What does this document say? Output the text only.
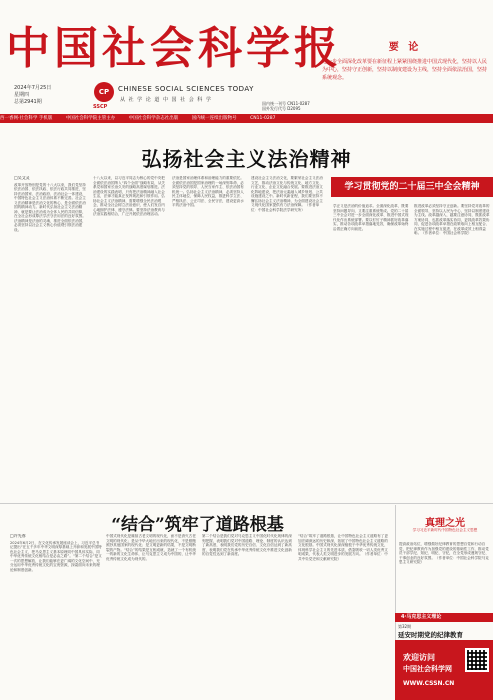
中国社会科学报
2024年7月25日
星期四
总第2941期
CP
SSCP
CHINESE SOCIAL SCIENCES TODAY
从 社 学 论 道 中 国 社 会 科 学
国内统一刊号 CN11-0287
国外发行代号 D2095
要 论
进一步全面深化改革要在新征程上紧紧围绕推进中国式现代化，坚持以人民为中心，坚持守正创新，坚持以制度建设为主线，坚持全面依法治国，坚持系统观念。
西一香网·社会科学 手机版	中国社会科学院主管主办	中国社会科学杂志社出版	国内统一连续出版物号	CN11-0287
弘扬社会主义法治精神
□吴文灵
改革开放特别是党的十八大以来，我们党坚持依法治国、依法执政、依法行政共同推进，坚持法治国家、法治政府、法治社会一体建设，中国特色社会主义法治体系不断完善。社会主义法治精神是法治文化的核心，是全面依法治国的精神动力。新时代弘扬社会主义法治精神，就是要让法治成为全体人民的共同信仰，在全社会形成尊法学法守法用法的良好氛围。法治精神是法治的灵魂，推进全面依法治国，必须坚持以社会主义核心价值观引领法治建设。
十八大以来，以习近平同志为核心的党中央把全面依法治国纳入“四个全面”战略布局，从关系党和国家长治久安的战略高度谋划推进。法治建设的实践表明，只有把法治精神融入社会生活，法律才能真正发挥规范和引领作用。弘扬社会主义法治精神，需要增强全民法治观念，推动全社会树立法治意识，使人们发自内心地拥护法律、遵守法律。要坚持法治教育与法治实践相结合，广泛开展依法治理活动。
法治是国家治理体系和治理能力的重要依托。全面依法治国是国家治理的一场深刻革命，必须坚持党的领导、人民当家作主、依法治国有机统一。弘扬社会主义法治精神，必须坚持人民主体地位，保障人民权益，推进科学立法、严格执法、公正司法、全民守法，建设更高水平的法治中国。
建设社会主义法治文化，要繁荣社会主义法治文艺，推动法治文化与传统文化、地方文化、行业文化、企业文化融合发展。要推进法治文化阵地建设，把法治元素融入城乡规划、公共设施建设之中。新时代新征程，我们要坚持不懈弘扬社会主义法治精神，为全面建设社会主义现代化国家提供有力法治保障。（作者单位：中国社会科学院法学研究所）
学习贯彻党的二十届三中全会精神
学正义是法治的价值追求。全面深化改革，既要坚持问题导向，又要注重系统集成。党的二十届三中全会对进一步全面深化改革、推进中国式现代化作出系统部署。要以钉钉子精神抓好改革落实，推动各项改革举措落地见效，确保改革始终沿着正确方向前进。
推进改革必须坚持守正创新。要坚持党对改革的全面领导，坚持以人民为中心，坚持以制度建设为主线。改革越深入，越要注意协同，既抓改革方案协同，也抓改革落实协同，更抓改革效果协同，促进各项改革举措在政策取向上相互配合、在实施过程中相互促进、在改革成效上相得益彰。（作者单位：中国社会科学院）
“结合”筑牢了道路根基
□许先春
2024年6月2日，在文化传承发展座谈会上，习近平总书记提出“在五千多年中华文明深厚基础上开辟和发展中国特色社会主义，把马克思主义基本原理同中国具体实际、同中华优秀传统文化相结合是必由之路”。“第二个结合”是又一次的思想解放，让我们能够在更广阔的文化空间中，充分运用中华优秀传统文化的宝贵资源，探索面向未来的理论和制度创新。
中国式现代化是赓续古老文明的现代化，而不是消灭古老文明的现代化；是从中华大地长出来的现代化，不是照搬照抄其他国家的现代化；是文明更新的结果，不是文明断裂的产物。“结合”的结果是互相成就，造就了一个有机统一的新的文化生命体，让马克思主义成为中国的，让中华优秀传统文化成为现代的。
第二个结合是我们党对马克思主义中国化时代化规律的深刻把握，表明我们党对中国道路、理论、制度的认识达到了新高度，表明我们党的历史自信、文化自信达到了新高度，表明我们党在传承中华优秀传统文化中推进文化创新的自觉性达到了新高度。
“结合”筑牢了道路根基，让中国特色社会主义道路有了更加宏阔深远的历史纵深，拓展了中国特色社会主义道路的文化根基。中国式现代化深深植根于中华优秀传统文化，体现科学社会主义的先进本质，借鉴吸收一切人类优秀文明成果，代表人类文明进步的发展方向。（作者单位：中共中央党史和文献研究院）
真理之光
学习习近平新时代中国特色社会主义思想
提高政治站位，增强做好纪律教育的思想自觉和行动自觉，把纪律教育作为加强党的建设的基础性工作，推动党员干部学纪、知纪、明纪、守纪，在全党形成遵规守纪、干事创业的良好氛围。（作者单位：中国社会科学院马克思主义研究院）
4·马克思主义理论
第32期
延安时期党的纪律教育
欢迎访问
中国社会科学网
WWW.CSSN.CN
